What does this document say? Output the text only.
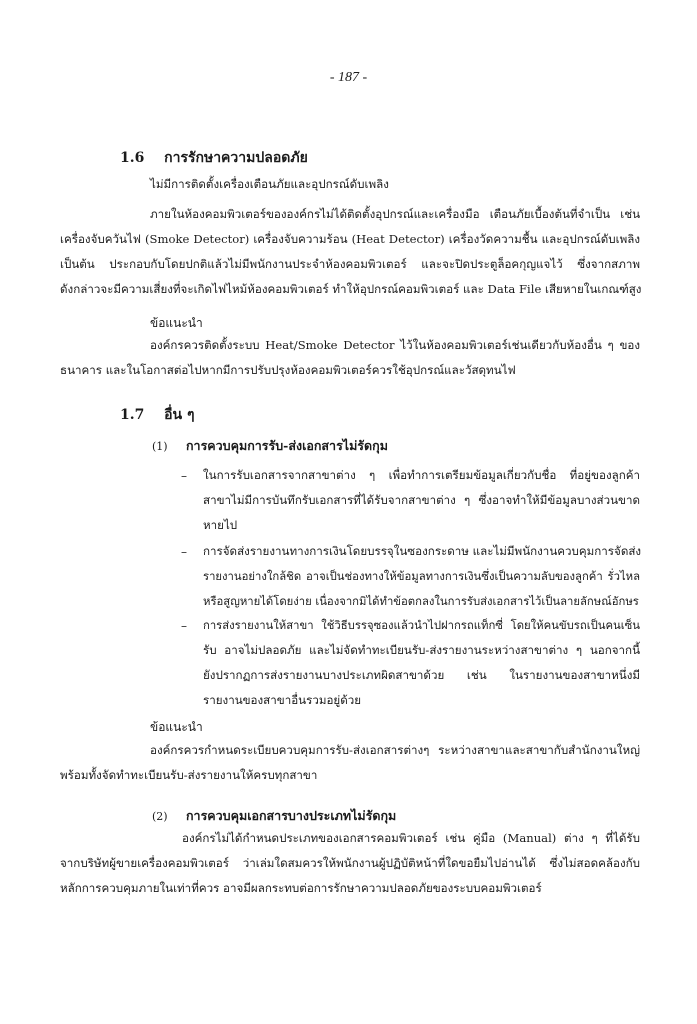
- 187 -
1.6 การรักษาความปลอดภัย
ไม่มีการติดตั้งเครื่องเตือนภัยและอุปกรณ์ดับเพลิง
ภายในห้องคอมพิวเตอร์ขององค์กรไม่ได้ติดตั้งอุปกรณ์และเครื่องมือ เตือนภัยเบื้องต้นที่จำเป็น เช่น
เครื่องจับควันไฟ (Smoke Detector) เครื่องจับความร้อน (Heat Detector) เครื่องวัดความชื้น และอุปกรณ์ดับเพลิง
เป็นต้น ประกอบกับโดยปกติแล้วไม่มีพนักงานประจำห้องคอมพิวเตอร์ และจะปิดประตูล็อคกุญแจไว้ ซึ่งจากสภาพ
ดังกล่าวจะมีความเสี่ยงที่จะเกิดไฟไหม้ห้องคอมพิวเตอร์ ทำให้อุปกรณ์คอมพิวเตอร์ และ Data File เสียหายในเกณฑ์สูง
ข้อแนะนำ
องค์กรควรติดตั้งระบบ Heat/Smoke Detector ไว้ในห้องคอมพิวเตอร์เช่นเดียวกับห้องอื่น ๆ ของ
ธนาคาร และในโอกาสต่อไปหากมีการปรับปรุงห้องคอมพิวเตอร์ควรใช้อุปกรณ์และวัสดุทนไฟ
1.7 อื่น ๆ
(1) การควบคุมการรับ-ส่งเอกสารไม่รัดกุม
– ในการรับเอกสารจากสาขาต่าง ๆ เพื่อทำการเตรียมข้อมูลเกี่ยวกับชื่อ ที่อยู่ของลูกค้า
สาขาไม่มีการบันทึกรับเอกสารที่ได้รับจากสาขาต่าง ๆ ซึ่งอาจทำให้มีข้อมูลบางส่วนขาด
หายไป
– การจัดส่งรายงานทางการเงินโดยบรรจุในซองกระดาษ และไม่มีพนักงานควบคุมการจัดส่ง
รายงานอย่างใกล้ชิด อาจเป็นช่องทางให้ข้อมูลทางการเงินซึ่งเป็นความลับของลูกค้า รั่วไหล
หรือสูญหายได้โดยง่าย เนื่องจากมิได้ทำข้อตกลงในการรับส่งเอกสารไว้เป็นลายลักษณ์อักษร
– การส่งรายงานให้สาขา ใช้วิธีบรรจุซองแล้วนำไปฝากรถแท็กซี่ โดยให้คนขับรถเป็นคนเซ็น
รับ อาจไม่ปลอดภัย และไม่จัดทำทะเบียนรับ-ส่งรายงานระหว่างสาขาต่าง ๆ นอกจากนี้
ยังปรากฏการส่งรายงานบางประเภทผิดสาขาด้วย เช่น ในรายงานของสาขาหนึ่งมี
รายงานของสาขาอื่นรวมอยู่ด้วย
ข้อแนะนำ
องค์กรควรกำหนดระเบียบควบคุมการรับ-ส่งเอกสารต่างๆ ระหว่างสาขาและสาขากับสำนักงานใหญ่
พร้อมทั้งจัดทำทะเบียนรับ-ส่งรายงานให้ครบทุกสาขา
(2) การควบคุมเอกสารบางประเภทไม่รัดกุม
องค์กรไม่ได้กำหนดประเภทของเอกสารคอมพิวเตอร์ เช่น คู่มือ (Manual) ต่าง ๆ ที่ได้รับ
จากบริษัทผู้ขายเครื่องคอมพิวเตอร์ ว่าเล่มใดสมควรให้พนักงานผู้ปฏิบัติหน้าที่ใดขอยืมไปอ่านได้ ซึ่งไม่สอดคล้องกับ
หลักการควบคุมภายในเท่าที่ควร อาจมีผลกระทบต่อการรักษาความปลอดภัยของระบบคอมพิวเตอร์
